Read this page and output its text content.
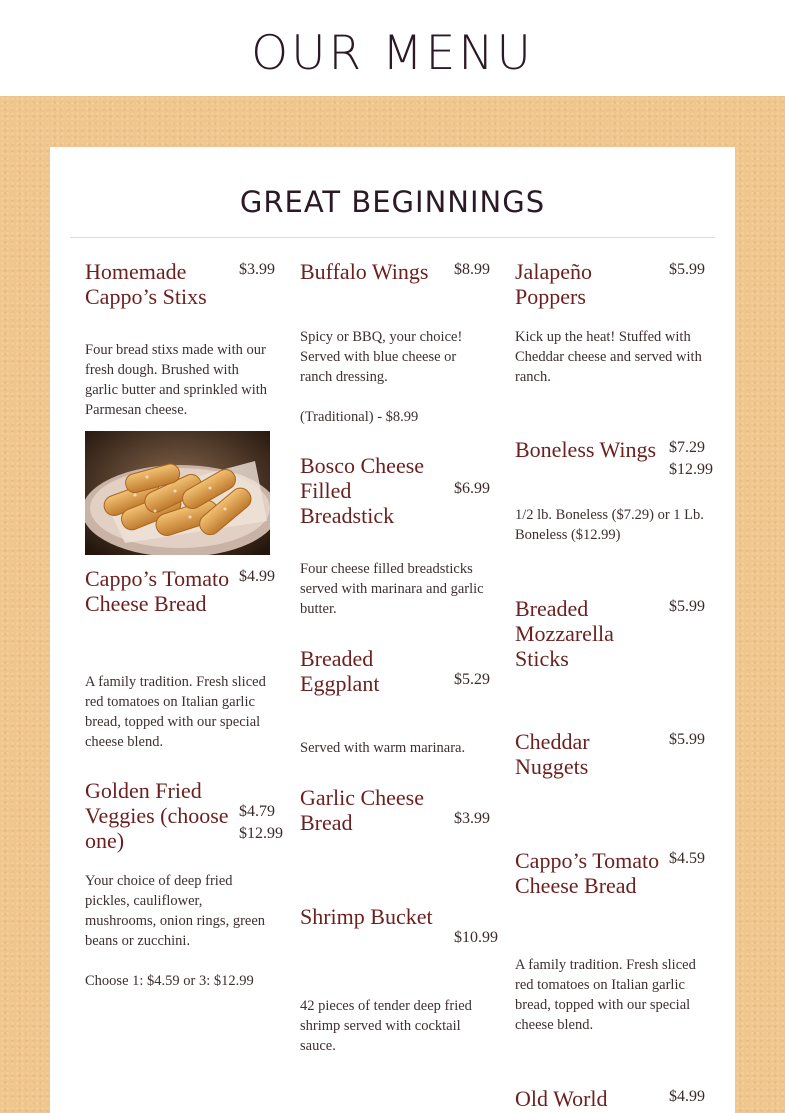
OUR MENU
GREAT BEGINNINGS
Homemade Cappo’s Stixs
$3.99

Four bread stixs made with our fresh dough. Brushed with garlic butter and sprinkled with Parmesan cheese.

Cappo’s Tomato Cheese Bread
$4.99

A family tradition. Fresh sliced red tomatoes on Italian garlic bread, topped with our special cheese blend.

Golden Fried Veggies (choose one)
$4.79
$12.99

Your choice of deep fried pickles, cauliflower, mushrooms, onion rings, green beans or zucchini.

Choose 1: $4.59 or 3: $12.99

Buffalo Wings	$8.99

Spicy or BBQ, your choice! Served with blue cheese or ranch dressing.

(Traditional) - $8.99

Bosco Cheese Filled Breadstick
$6.99

Four cheese filled breadsticks served with marinara and garlic butter.

Breaded Eggplant	$5.29

Served with warm marinara.

Garlic Cheese Bread	$3.99
Shrimp Bucket
$10.99

42 pieces of tender deep fried shrimp served with cocktail sauce.

Jalapeño Poppers
$5.99

Kick up the heat! Stuffed with Cheddar cheese and served with ranch.

Boneless Wings $7.29
$12.99

1/2 lb. Boneless ($7.29) or 1 Lb. Boneless ($12.99)

Breaded Mozzarella Sticks
$5.99
Cheddar Nuggets
$5.99
Cappo’s Tomato Cheese Bread
$4.59

A family tradition. Fresh sliced red tomatoes on Italian garlic bread, topped with our special cheese blend.

Old World	$4.99
